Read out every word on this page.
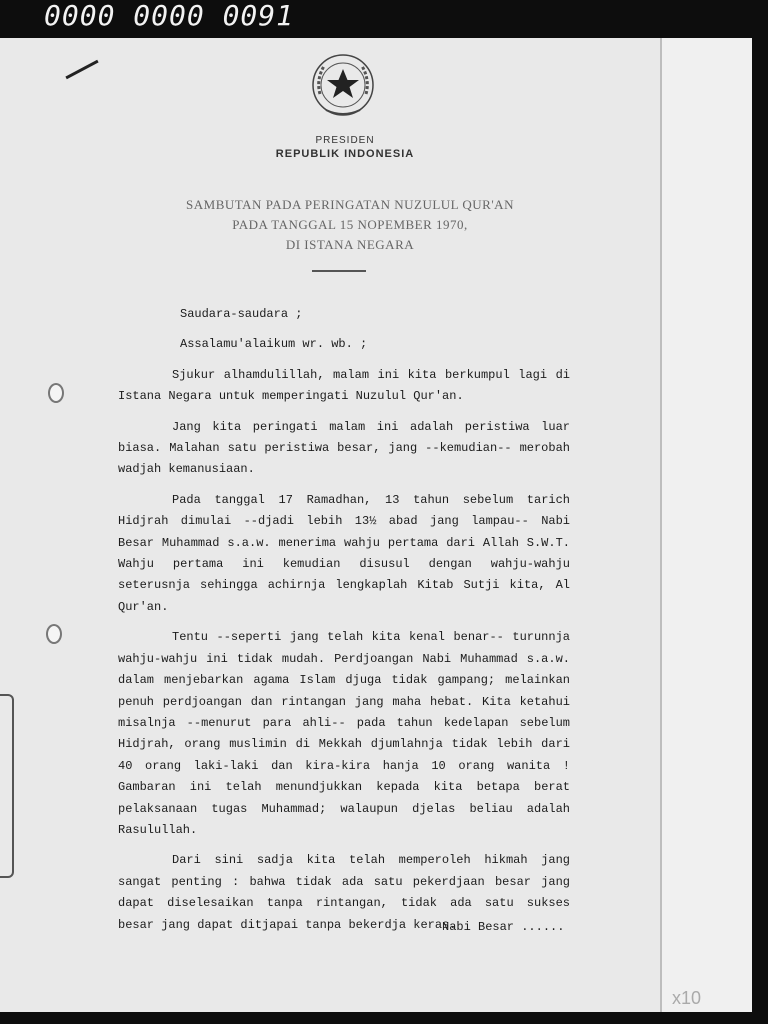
0000 0000 0091
PRESIDEN
REPUBLIK INDONESIA
SAMBUTAN PADA PERINGATAN NUZULUL QUR'AN
PADA TANGGAL 15 NOPEMBER 1970,
DI ISTANA NEGARA

Saudara-saudara ;

Assalamu'alaikum wr. wb. ;

Sjukur alhamdulillah, malam ini kita berkumpul lagi di Istana Negara untuk memperingati Nuzulul Qur'an.

Jang kita peringati malam ini adalah peristiwa luar biasa. Malahan satu peristiwa besar, jang --kemudian-- merobah wadjah kemanusiaan.

Pada tanggal 17 Ramadhan, 13 tahun sebelum tarich Hidjrah dimulai --djadi lebih 13½ abad jang lampau-- Nabi Besar Muhammad s.a.w. menerima wahju pertama dari Allah S.W.T. Wahju pertama ini kemudian disusul dengan wahju-wahju seterusnja sehingga achirnja lengkaplah Kitab Sutji kita, Al Qur'an.

Tentu --seperti jang telah kita kenal benar-- turunnja wahju-wahju ini tidak mudah. Perdjoangan Nabi Muhammad s.a.w. dalam menjebarkan agama Islam djuga tidak gampang; melainkan penuh perdjoangan dan rintangan jang maha hebat. Kita ketahui misalnja --menurut para ahli-- pada tahun kedelapan sebelum Hidjrah, orang muslimin di Mekkah djumlahnja tidak lebih dari 40 orang laki-laki dan kira-kira hanja 10 orang wanita ! Gambaran ini telah menundjukkan kepada kita betapa berat pelaksanaan tugas Muhammad; walaupun djelas beliau adalah Rasulullah.

Dari sini sadja kita telah memperoleh hikmah jang sangat penting : bahwa tidak ada satu pekerdjaan besar jang dapat diselesaikan tanpa rintangan, tidak ada satu sukses besar jang dapat ditjapai tanpa bekerdja keras.

Nabi Besar ......
x10
